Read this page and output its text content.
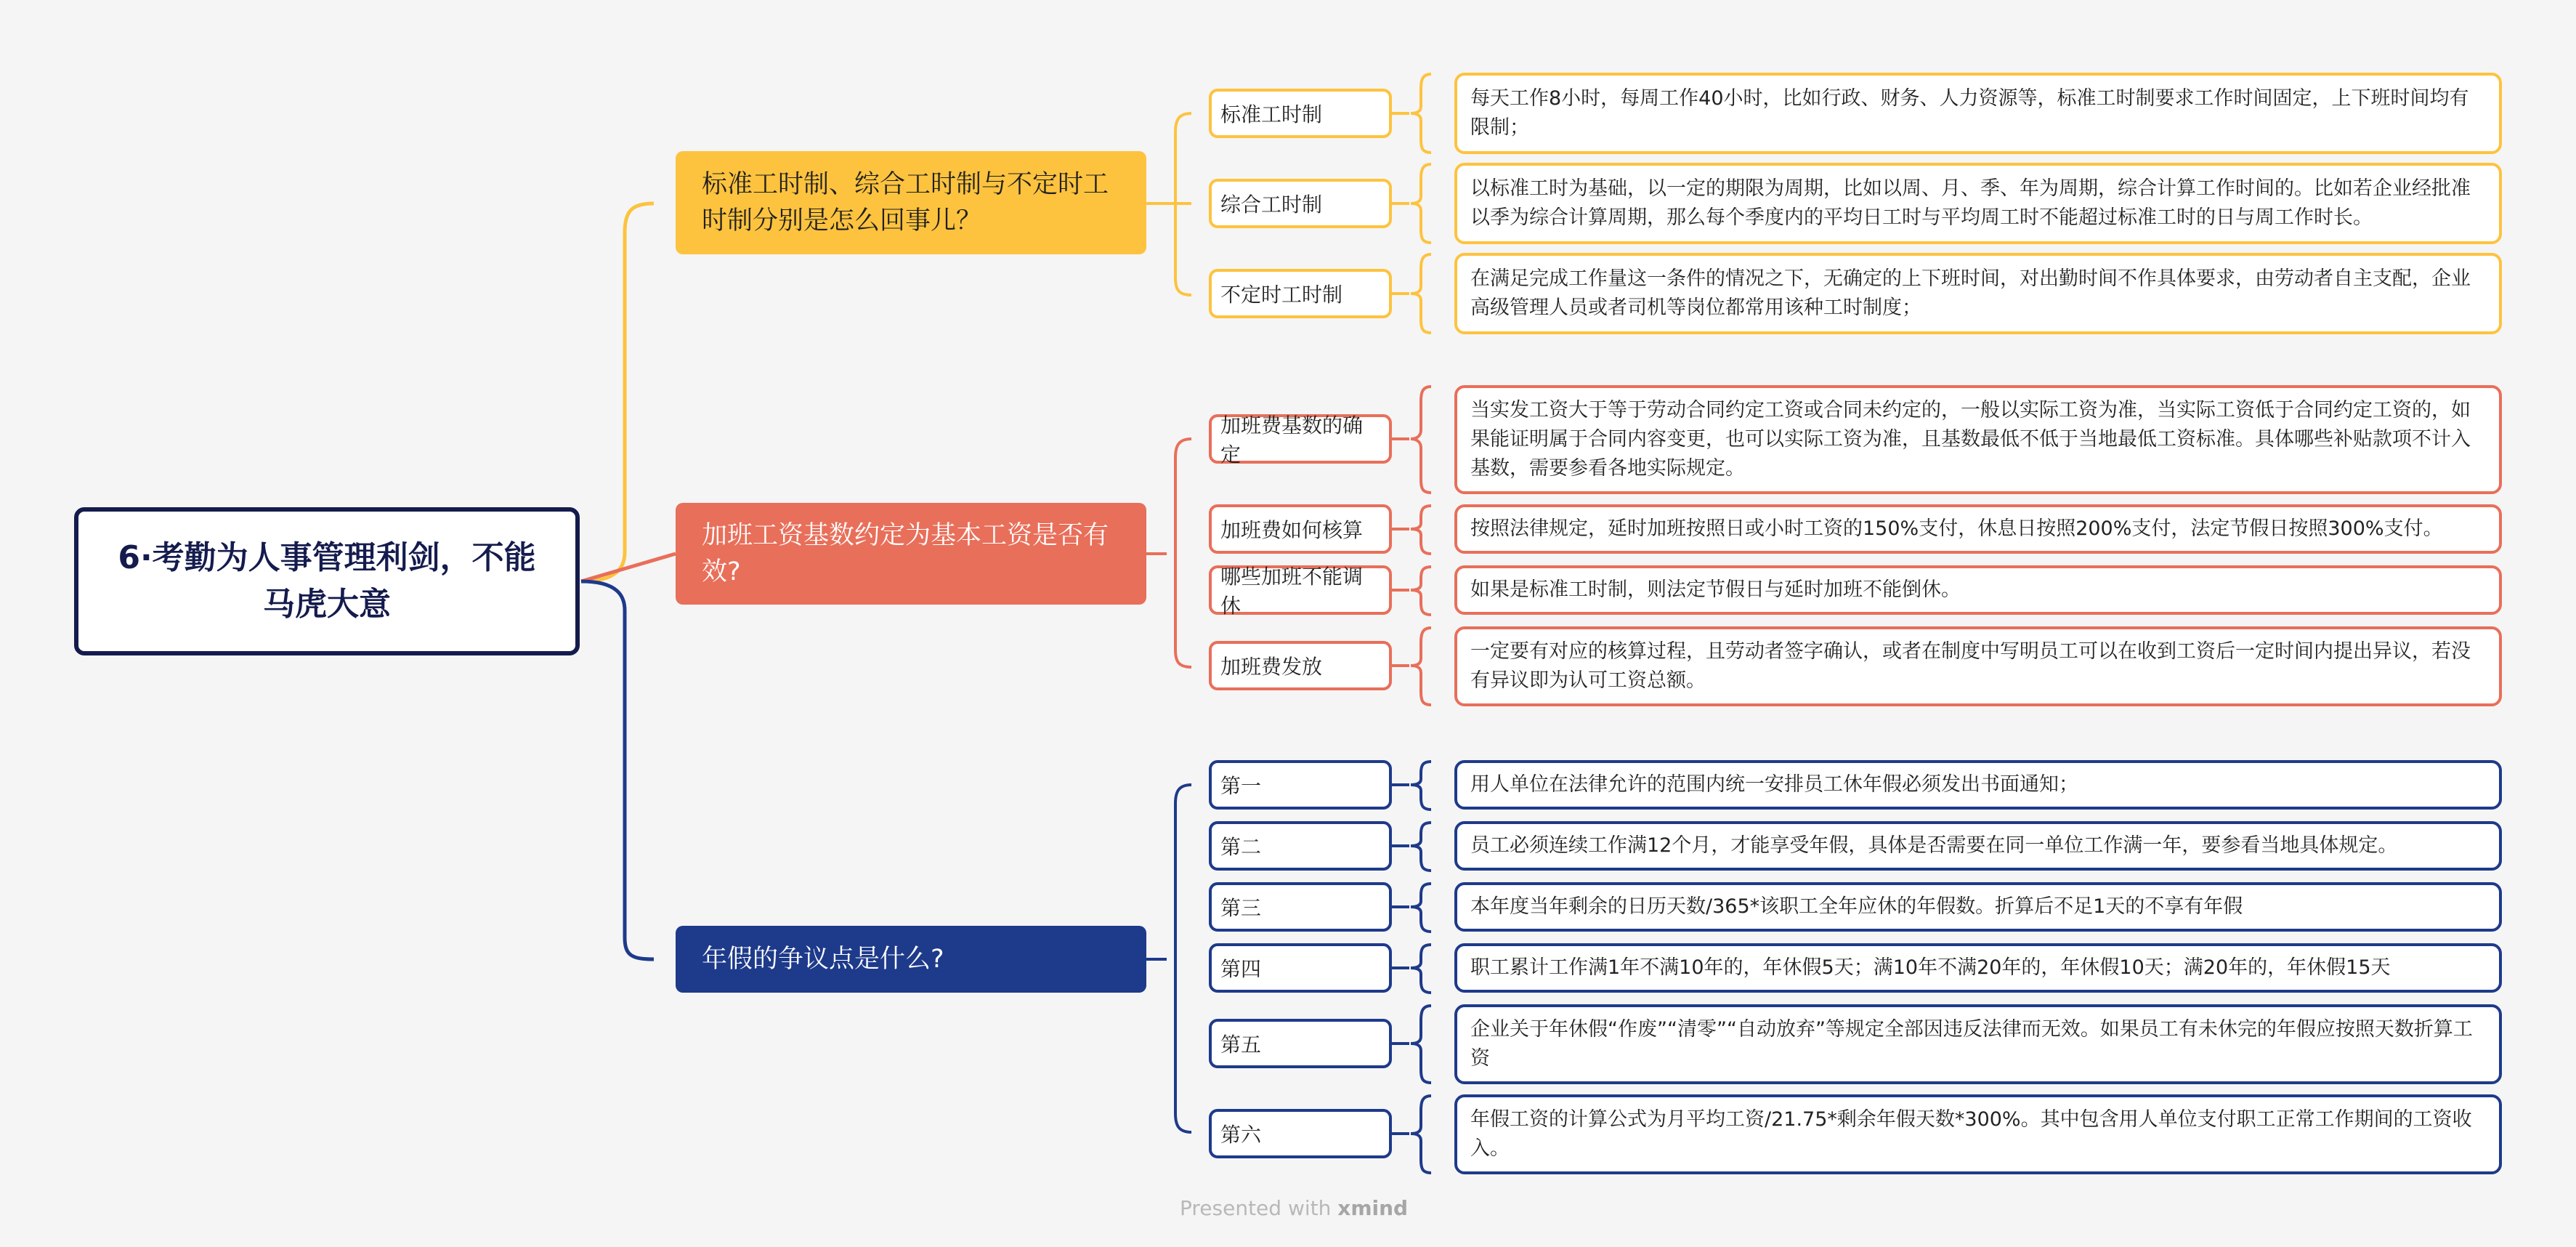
6·考勤为人事管理利剑，不能马虎大意
标准工时制、综合工时制与不定时工时制分别是怎么回事儿？
加班工资基数约定为基本工资是否有效?
年假的争议点是什么?
标准工时制
每天工作8小时，每周工作40小时，比如行政、财务、人力资源等，标准工时制要求工作时间固定，上下班时间均有限制；
综合工时制
以标准工时为基础，以一定的期限为周期，比如以周、月、季、年为周期，综合计算工作时间的。比如若企业经批准以季为综合计算周期，那么每个季度内的平均日工时与平均周工时不能超过标准工时的日与周工作时长。
不定时工时制
在满足完成工作量这一条件的情况之下，无确定的上下班时间，对出勤时间不作具体要求，由劳动者自主支配，企业高级管理人员或者司机等岗位都常用该种工时制度；
加班费基数的确定
当实发工资大于等于劳动合同约定工资或合同未约定的，一般以实际工资为准，当实际工资低于合同约定工资的，如果能证明属于合同内容变更，也可以实际工资为准，且基数最低不低于当地最低工资标准。具体哪些补贴款项不计入基数，需要参看各地实际规定。
加班费如何核算	按照法律规定，延时加班按照日或小时工资的150%支付，休息日按照200%支付，法定节假日按照300%支付。
哪些加班不能调休
如果是标准工时制，则法定节假日与延时加班不能倒休。
加班费发放
一定要有对应的核算过程，且劳动者签字确认，或者在制度中写明员工可以在收到工资后一定时间内提出异议，若没有异议即为认可工资总额。
第一	用人单位在法律允许的范围内统一安排员工休年假必须发出书面通知；
第二	员工必须连续工作满12个月，才能享受年假，具体是否需要在同一单位工作满一年，要参看当地具体规定。
第三	本年度当年剩余的日历天数/365*该职工全年应休的年假数。折算后不足1天的不享有年假
第四	职工累计工作满1年不满10年的，年休假5天；满10年不满20年的，年休假10天；满20年的，年休假15天
第五
企业关于年休假“作废”“清零”“自动放弃”等规定全部因违反法律而无效。如果员工有未休完的年假应按照天数折算工资
第六
年假工资的计算公式为月平均工资/21.75*剩余年假天数*300%。其中包含用人单位支付职工正常工作期间的工资收入。
Presented with xmind
